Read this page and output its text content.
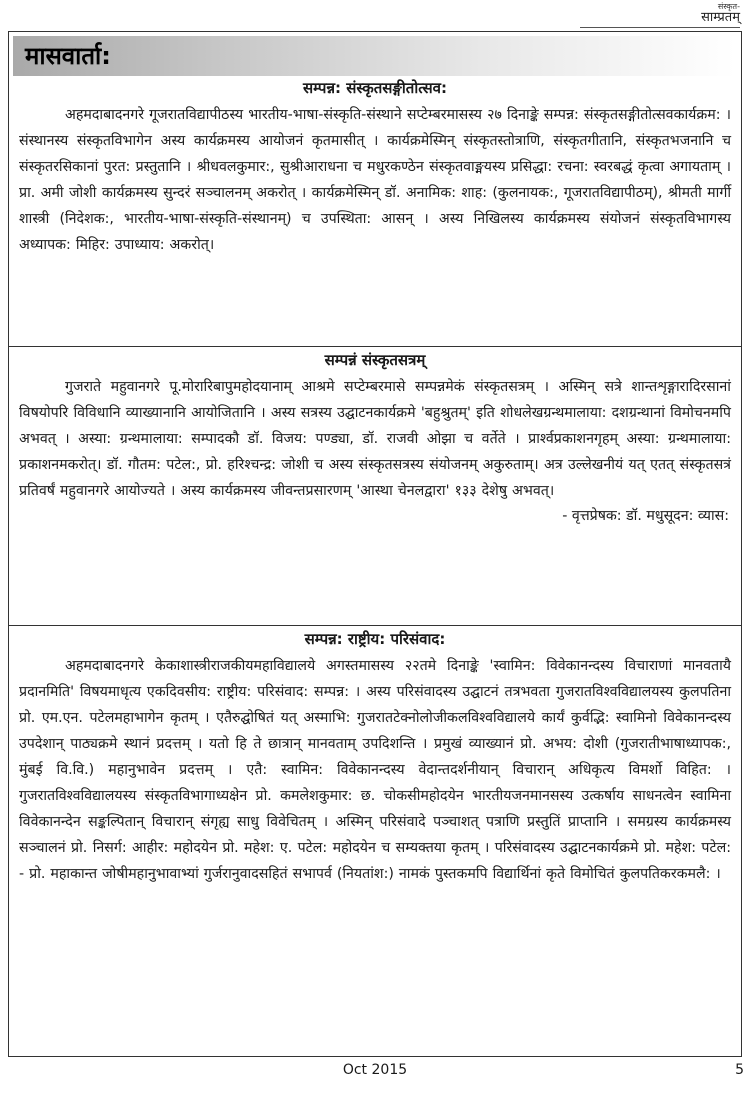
संस्कृत-
साम्प्रतम्
मासवार्ता:
सम्पन्न: संस्कृतसङ्गीतोत्सव:

अहमदाबादनगरे गूजरातविद्यापीठस्य भारतीय-भाषा-संस्कृति-संस्थाने सप्टेम्बरमासस्य २७ दिनाङ्के सम्पन्न: संस्कृतसङ्गीतोत्सवकार्यक्रम: । संस्थानस्य संस्कृतविभागेन अस्य कार्यक्रमस्य आयोजनं कृतमासीत् । कार्यक्रमेस्मिन् संस्कृतस्तोत्राणि, संस्कृतगीतानि, संस्कृतभजनानि च संस्कृतरसिकानां पुरत: प्रस्तुतानि । श्रीधवलकुमार:, सुश्रीआराधना च मधुरकण्ठेन संस्कृतवाङ्मयस्य प्रसिद्धा: रचना: स्वरबद्धं कृत्वा अगायताम् । प्रा. अमी जोशी कार्यक्रमस्य सुन्दरं सञ्चालनम् अकरोत् । कार्यक्रमेस्मिन् डॉ. अनामिक: शाह: (कुलनायक:, गूजरातविद्यापीठम्), श्रीमती मार्गी शास्त्री (निदेशक:, भारतीय-भाषा-संस्कृति-संस्थानम्) च उपस्थिता: आसन् । अस्य निखिलस्य कार्यक्रमस्य संयोजनं संस्कृतविभागस्य अध्यापक: मिहिर: उपाध्याय: अकरोत्।

सम्पन्नं संस्कृतसत्रम्

गुजराते महुवानगरे पू.मोरारिबापुमहोदयानाम् आश्रमे सप्टेम्बरमासे सम्पन्नमेकं संस्कृतसत्रम् । अस्मिन् सत्रे शान्तशृङ्गारादिरसानां विषयोपरि विविधानि व्याख्यानानि आयोजितानि । अस्य सत्रस्य उद्घाटनकार्यक्रमे 'बहुश्रुतम्' इति शोधलेखग्रन्थमालाया: दशग्रन्थानां विमोचनमपि अभवत् । अस्या: ग्रन्थमालाया: सम्पादकौ डॉ. विजय: पण्ड्या, डॉ. राजवी ओझा च वर्तेते । प्रार्श्वप्रकाशनगृहम् अस्या: ग्रन्थमालाया: प्रकाशनमकरोत्। डॉ. गौतम: पटेल:, प्रो. हरिश्चन्द्र: जोशी च अस्य संस्कृतसत्रस्य संयोजनम् अकुरुताम्। अत्र उल्लेखनीयं यत् एतत् संस्कृतसत्रं प्रतिवर्षं महुवानगरे आयोज्यते । अस्य कार्यक्रमस्य जीवन्तप्रसारणम् 'आस्था चेनलद्वारा' १३३ देशेषु अभवत्।

- वृत्तप्रेषक: डॉ. मधुसूदन: व्यास:
सम्पन्न: राष्ट्रीय: परिसंवाद:

अहमदाबादनगरे केकाशास्त्रीराजकीयमहाविद्यालये अगस्तमासस्य २२तमे दिनाङ्के 'स्वामिन: विवेकानन्दस्य विचाराणां मानवतायै प्रदानमिति' विषयमाधृत्य एकदिवसीय: राष्ट्रीय: परिसंवाद: सम्पन्न: । अस्य परिसंवादस्य उद्घाटनं तत्रभवता गुजरातविश्वविद्यालयस्य कुलपतिना प्रो. एम.एन. पटेलमहाभागेन कृतम् । एतैरुद्घोषितं यत् अस्माभि: गुजरातटेक्नोलोजीकलविश्वविद्यालये कार्यं कुर्वद्भि: स्वामिनो विवेकानन्दस्य उपदेशान् पाठ्यक्रमे स्थानं प्रदत्तम् । यतो हि ते छात्रान् मानवताम् उपदिशन्ति । प्रमुखं व्याख्यानं प्रो. अभय: दोशी (गुजरातीभाषाध्यापक:, मुंबई वि.वि.) महानुभावेन प्रदत्तम् । एतै: स्वामिन: विवेकानन्दस्य वेदान्तदर्शनीयान् विचारान् अधिकृत्य विमर्शो विहित: । गुजरातविश्वविद्यालयस्य संस्कृतविभागाध्यक्षेन प्रो. कमलेशकुमार: छ. चोकसीमहोदयेन भारतीयजनमानसस्य उत्कर्षाय साधनत्वेन स्वामिना विवेकानन्देन सङ्कल्पितान् विचारान् संगृह्य साधु विवेचितम् । अस्मिन् परिसंवादे पञ्चाशत् पत्राणि प्रस्तुतिं प्राप्तानि । समग्रस्य कार्यक्रमस्य सञ्चालनं प्रो. निसर्ग: आहीर: महोदयेन प्रो. महेश: ए. पटेल: महोदयेन च सम्यक्तया कृतम् । परिसंवादस्य उद्घाटनकार्यक्रमे प्रो. महेश: पटेल: - प्रो. महाकान्त जोषीमहानुभावाभ्यां गुर्जरानुवादसहितं सभापर्व (नियतांश:) नामकं पुस्तकमपि विद्यार्थिनां कृते विमोचितं कुलपतिकरकमलै: ।

Oct 2015	5
